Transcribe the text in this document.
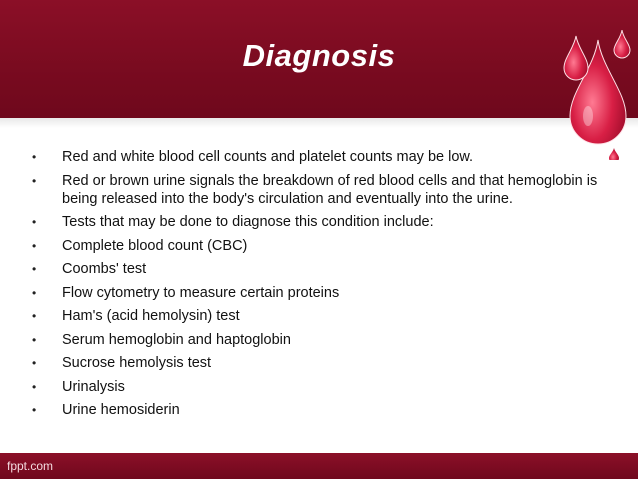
Diagnosis
• Red and white blood cell counts and platelet counts may be low.
• Red or brown urine signals the breakdown of red blood cells and that hemoglobin is being released into the body's circulation and eventually into the urine.
• Tests that may be done to diagnose this condition include:
• Complete blood count (CBC)
• Coombs' test
• Flow cytometry to measure certain proteins
• Ham's (acid hemolysin) test
• Serum hemoglobin and haptoglobin
• Sucrose hemolysis test
• Urinalysis
• Urine hemosiderin
fppt.com
